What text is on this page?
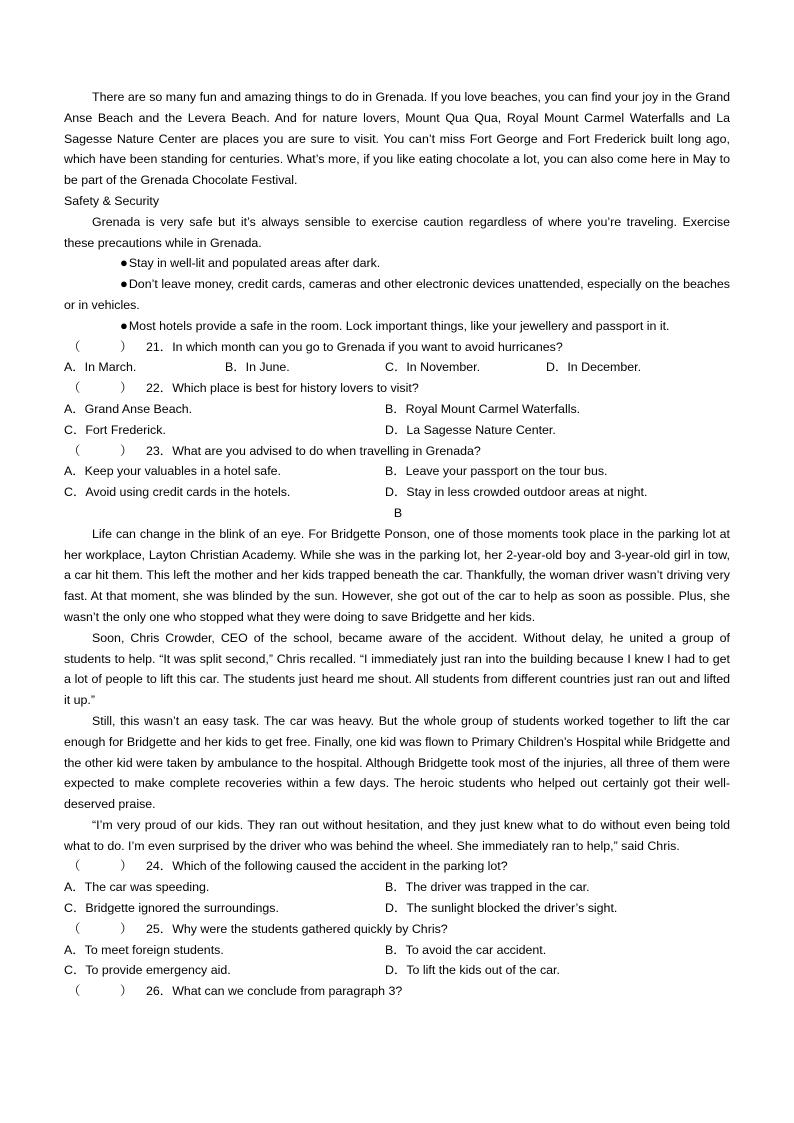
There are so many fun and amazing things to do in Grenada. If you love beaches, you can find your joy in the Grand Anse Beach and the Levera Beach. And for nature lovers, Mount Qua Qua, Royal Mount Carmel Waterfalls and La Sagesse Nature Center are places you are sure to visit. You can’t miss Fort George and Fort Frederick built long ago, which have been standing for centuries. What’s more, if you like eating chocolate a lot, you can also come here in May to be part of the Grenada Chocolate Festival.

Safety & Security

Grenada is very safe but it’s always sensible to exercise caution regardless of where you’re traveling. Exercise these precautions while in Grenada.

●Stay in well-lit and populated areas after dark.

●Don’t leave money, credit cards, cameras and other electronic devices unattended, especially on the beaches or in vehicles.

●Most hotels provide a safe in the room. Lock important things, like your jewellery and passport in it.

（	） 21．In which month can you go to Grenada if you want to avoid hurricanes?

A．In March.	B．In June.	C．In November.	D．In December.

（	） 22．Which place is best for history lovers to visit?

A．Grand Anse Beach.	B．Royal Mount Carmel Waterfalls.
C．Fort Frederick.	D．La Sagesse Nature Center.

（	） 23．What are you advised to do when travelling in Grenada?

A．Keep your valuables in a hotel safe.	B．Leave your passport on the tour bus.
C．Avoid using credit cards in the hotels.	D．Stay in less crowded outdoor areas at night.

B

Life can change in the blink of an eye. For Bridgette Ponson, one of those moments took place in the parking lot at her workplace, Layton Christian Academy. While she was in the parking lot, her 2-year-old boy and 3-year-old girl in tow, a car hit them. This left the mother and her kids trapped beneath the car. Thankfully, the woman driver wasn’t driving very fast. At that moment, she was blinded by the sun. However, she got out of the car to help as soon as possible. Plus, she wasn’t the only one who stopped what they were doing to save Bridgette and her kids.

Soon, Chris Crowder, CEO of the school, became aware of the accident. Without delay, he united a group of students to help. “It was split second,” Chris recalled. “I immediately just ran into the building because I knew I had to get a lot of people to lift this car. The students just heard me shout. All students from different countries just ran out and lifted it up.”

Still, this wasn’t an easy task. The car was heavy. But the whole group of students worked together to lift the car enough for Bridgette and her kids to get free. Finally, one kid was flown to Primary Children’s Hospital while Bridgette and the other kid were taken by ambulance to the hospital. Although Bridgette took most of the injuries, all three of them were expected to make complete recoveries within a few days. The heroic students who helped out certainly got their well-deserved praise.

“I’m very proud of our kids. They ran out without hesitation, and they just knew what to do without even being told what to do. I’m even surprised by the driver who was behind the wheel. She immediately ran to help,” said Chris.

（	） 24．Which of the following caused the accident in the parking lot?

A．The car was speeding.	B．The driver was trapped in the car.
C．Bridgette ignored the surroundings.	D．The sunlight blocked the driver’s sight.

（	） 25．Why were the students gathered quickly by Chris?

A．To meet foreign students.	B．To avoid the car accident.
C．To provide emergency aid.	D．To lift the kids out of the car.

（	） 26．What can we conclude from paragraph 3?
